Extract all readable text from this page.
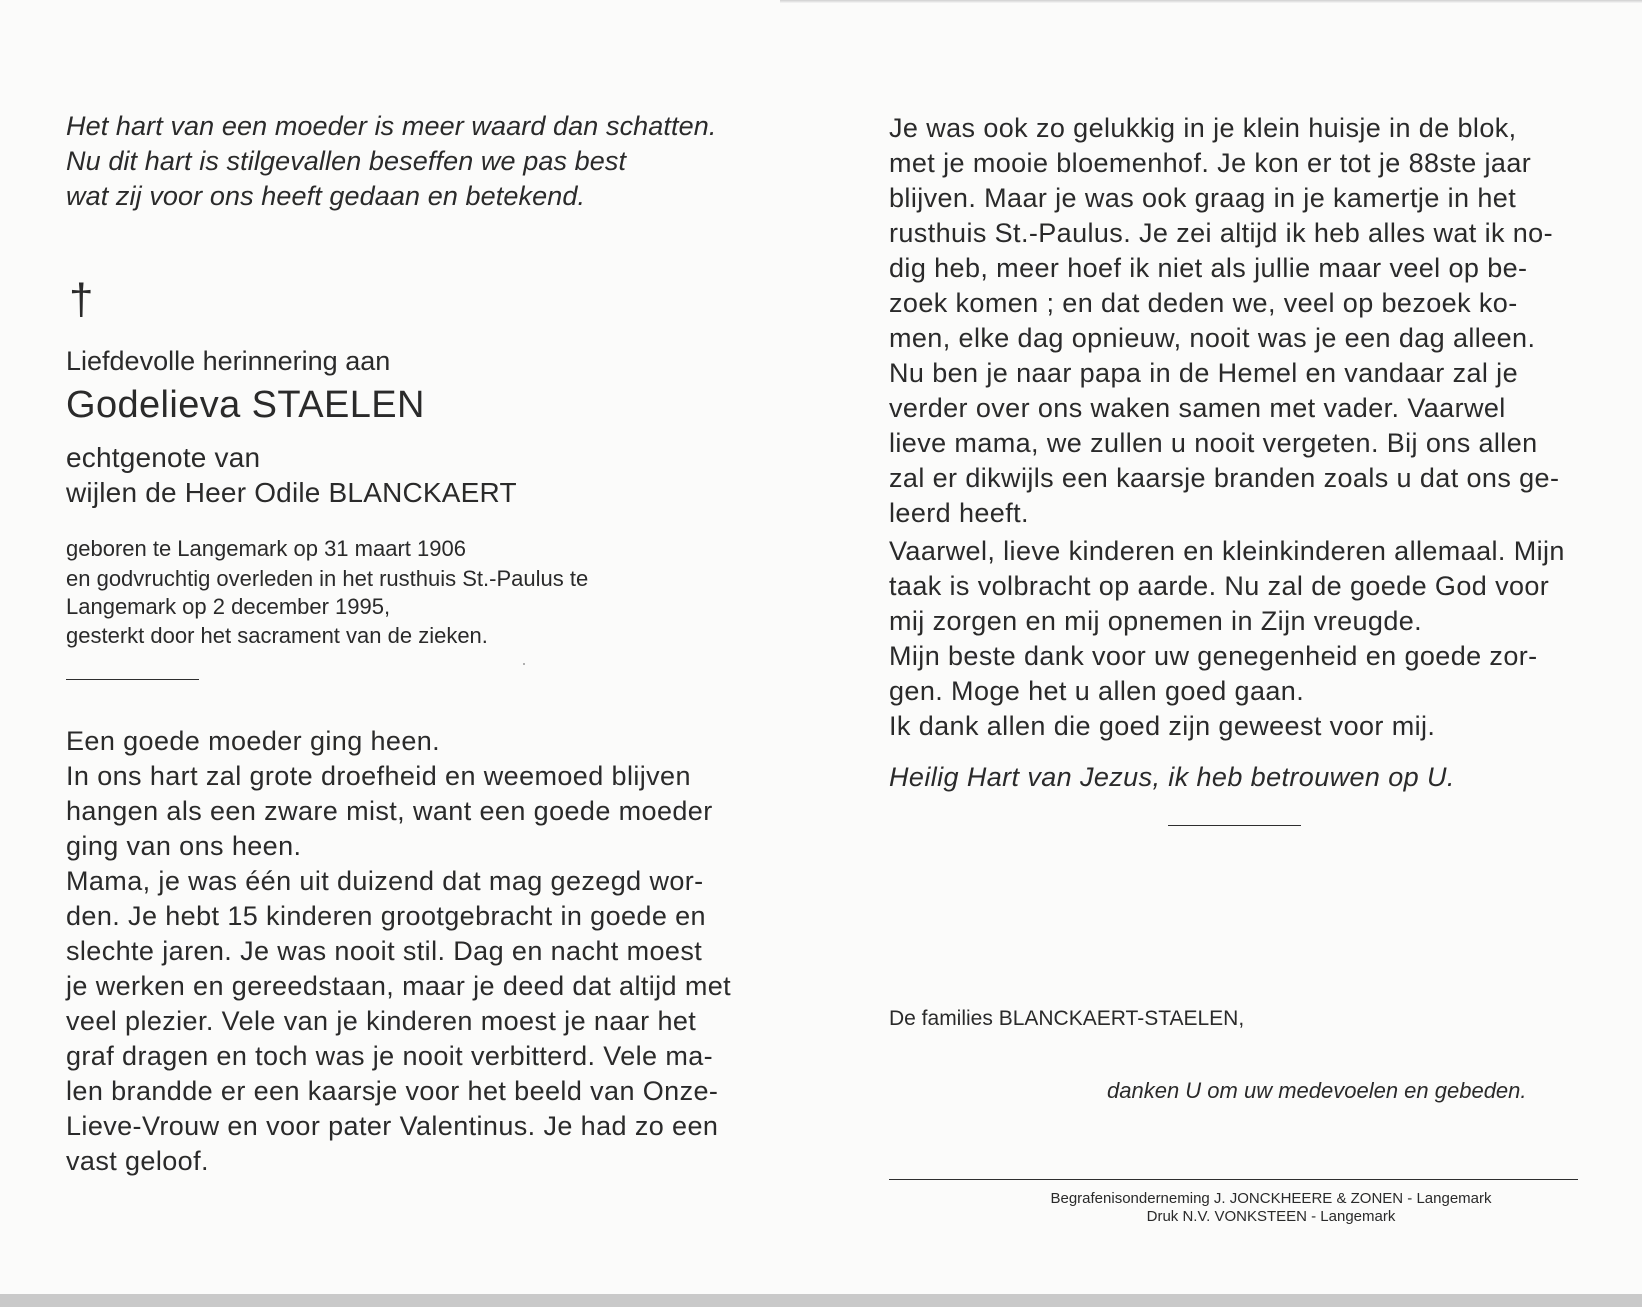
Het hart van een moeder is meer waard dan schatten.
Nu dit hart is stilgevallen beseffen we pas best
wat zij voor ons heeft gedaan en betekend.
†
Liefdevolle herinnering aan
Godelieva STAELEN
echtgenote van
wijlen de Heer Odile BLANCKAERT
geboren te Langemark op 31 maart 1906
en godvruchtig overleden in het rusthuis St.-Paulus te
Langemark op 2 december 1995,
gesterkt door het sacrament van de zieken.
Een goede moeder ging heen.
In ons hart zal grote droefheid en weemoed blijven
hangen als een zware mist, want een goede moeder
ging van ons heen.
Mama, je was één uit duizend dat mag gezegd wor-
den. Je hebt 15 kinderen grootgebracht in goede en
slechte jaren. Je was nooit stil. Dag en nacht moest
je werken en gereedstaan, maar je deed dat altijd met
veel plezier. Vele van je kinderen moest je naar het
graf dragen en toch was je nooit verbitterd. Vele ma-
len brandde er een kaarsje voor het beeld van Onze-
Lieve-Vrouw en voor pater Valentinus. Je had zo een
vast geloof.
Je was ook zo gelukkig in je klein huisje in de blok,
met je mooie bloemenhof. Je kon er tot je 88ste jaar
blijven. Maar je was ook graag in je kamertje in het
rusthuis St.-Paulus. Je zei altijd ik heb alles wat ik no-
dig heb, meer hoef ik niet als jullie maar veel op be-
zoek komen ; en dat deden we, veel op bezoek ko-
men, elke dag opnieuw, nooit was je een dag alleen.
Nu ben je naar papa in de Hemel en vandaar zal je
verder over ons waken samen met vader. Vaarwel
lieve mama, we zullen u nooit vergeten. Bij ons allen
zal er dikwijls een kaarsje branden zoals u dat ons ge-
leerd heeft.
Vaarwel, lieve kinderen en kleinkinderen allemaal. Mijn
taak is volbracht op aarde. Nu zal de goede God voor
mij zorgen en mij opnemen in Zijn vreugde.
Mijn beste dank voor uw genegenheid en goede zor-
gen. Moge het u allen goed gaan.
Ik dank allen die goed zijn geweest voor mij.
Heilig Hart van Jezus, ik heb betrouwen op U.
De families BLANCKAERT-STAELEN,
danken U om uw medevoelen en gebeden.
Begrafenisonderneming J. JONCKHEERE & ZONEN - Langemark
Druk N.V. VONKSTEEN - Langemark
